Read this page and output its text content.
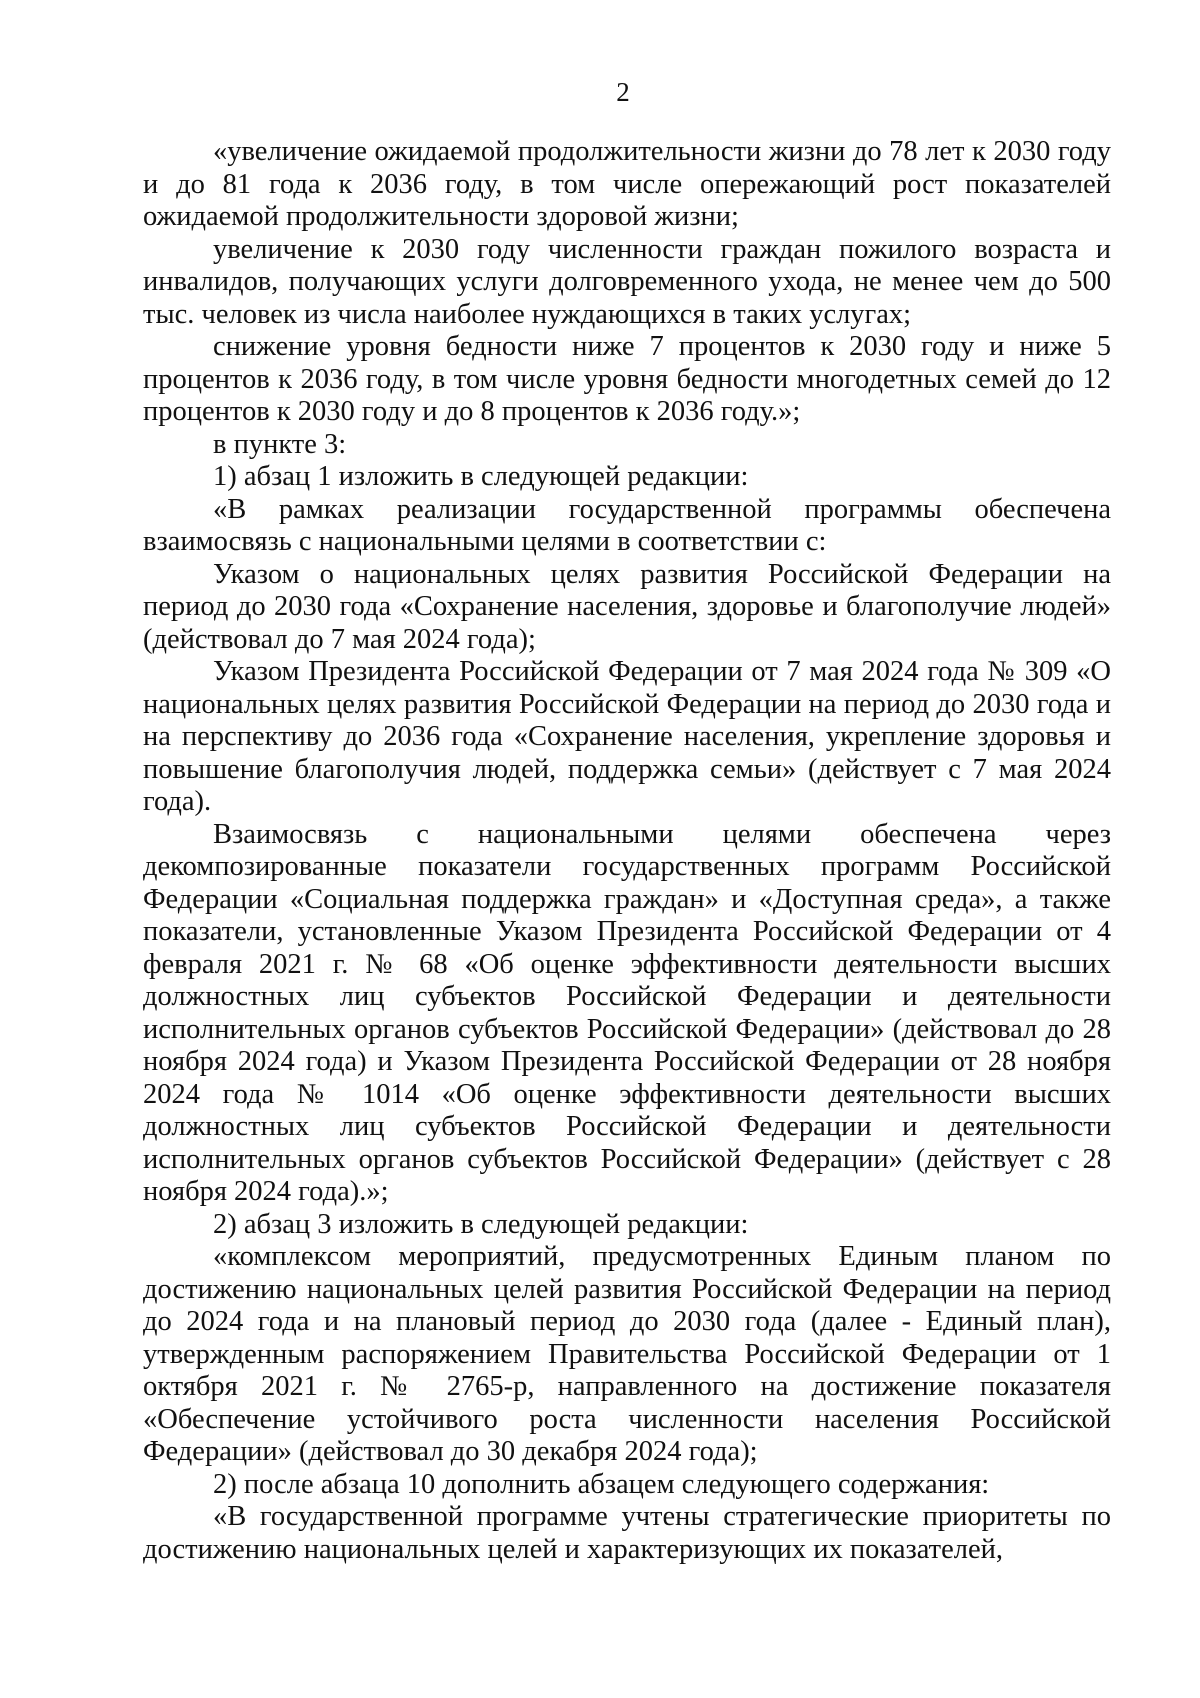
2

«увеличение ожидаемой продолжительности жизни до 78 лет к 2030 году и до 81 года к 2036 году, в том числе опережающий рост показателей ожидаемой продолжительности здоровой жизни;

увеличение к 2030 году численности граждан пожилого возраста и инвалидов, получающих услуги долговременного ухода, не менее чем до 500 тыс. человек из числа наиболее нуждающихся в таких услугах;

снижение уровня бедности ниже 7 процентов к 2030 году и ниже 5 процентов к 2036 году, в том числе уровня бедности многодетных семей до 12 процентов к 2030 году и до 8 процентов к 2036 году.»;

в пункте 3:

1) абзац 1 изложить в следующей редакции:

«В рамках реализации государственной программы обеспечена взаимосвязь с национальными целями в соответствии с:

Указом о национальных целях развития Российской Федерации на период до 2030 года «Сохранение населения, здоровье и благополучие людей» (действовал до 7 мая 2024 года);

Указом Президента Российской Федерации от 7 мая 2024 года № 309 «О национальных целях развития Российской Федерации на период до 2030 года и на перспективу до 2036 года «Сохранение населения, укрепление здоровья и повышение благополучия людей, поддержка семьи» (действует с 7 мая 2024 года).

Взаимосвязь с национальными целями обеспечена через декомпозированные показатели государственных программ Российской Федерации «Социальная поддержка граждан» и «Доступная среда», а также показатели, установленные Указом Президента Российской Федерации от 4 февраля 2021 г. № 68 «Об оценке эффективности деятельности высших должностных лиц субъектов Российской Федерации и деятельности исполнительных органов субъектов Российской Федерации» (действовал до 28 ноября 2024 года) и Указом Президента Российской Федерации от 28 ноября 2024 года № 1014 «Об оценке эффективности деятельности высших должностных лиц субъектов Российской Федерации и деятельности исполнительных органов субъектов Российской Федерации» (действует с 28 ноября 2024 года).»;

2) абзац 3 изложить в следующей редакции:

«комплексом мероприятий, предусмотренных Единым планом по достижению национальных целей развития Российской Федерации на период до 2024 года и на плановый период до 2030 года (далее - Единый план), утвержденным распоряжением Правительства Российской Федерации от 1 октября 2021 г. № 2765-р, направленного на достижение показателя «Обеспечение устойчивого роста численности населения Российской Федерации» (действовал до 30 декабря 2024 года);

2) после абзаца 10 дополнить абзацем следующего содержания:

«В государственной программе учтены стратегические приоритеты по достижению национальных целей и характеризующих их показателей,
